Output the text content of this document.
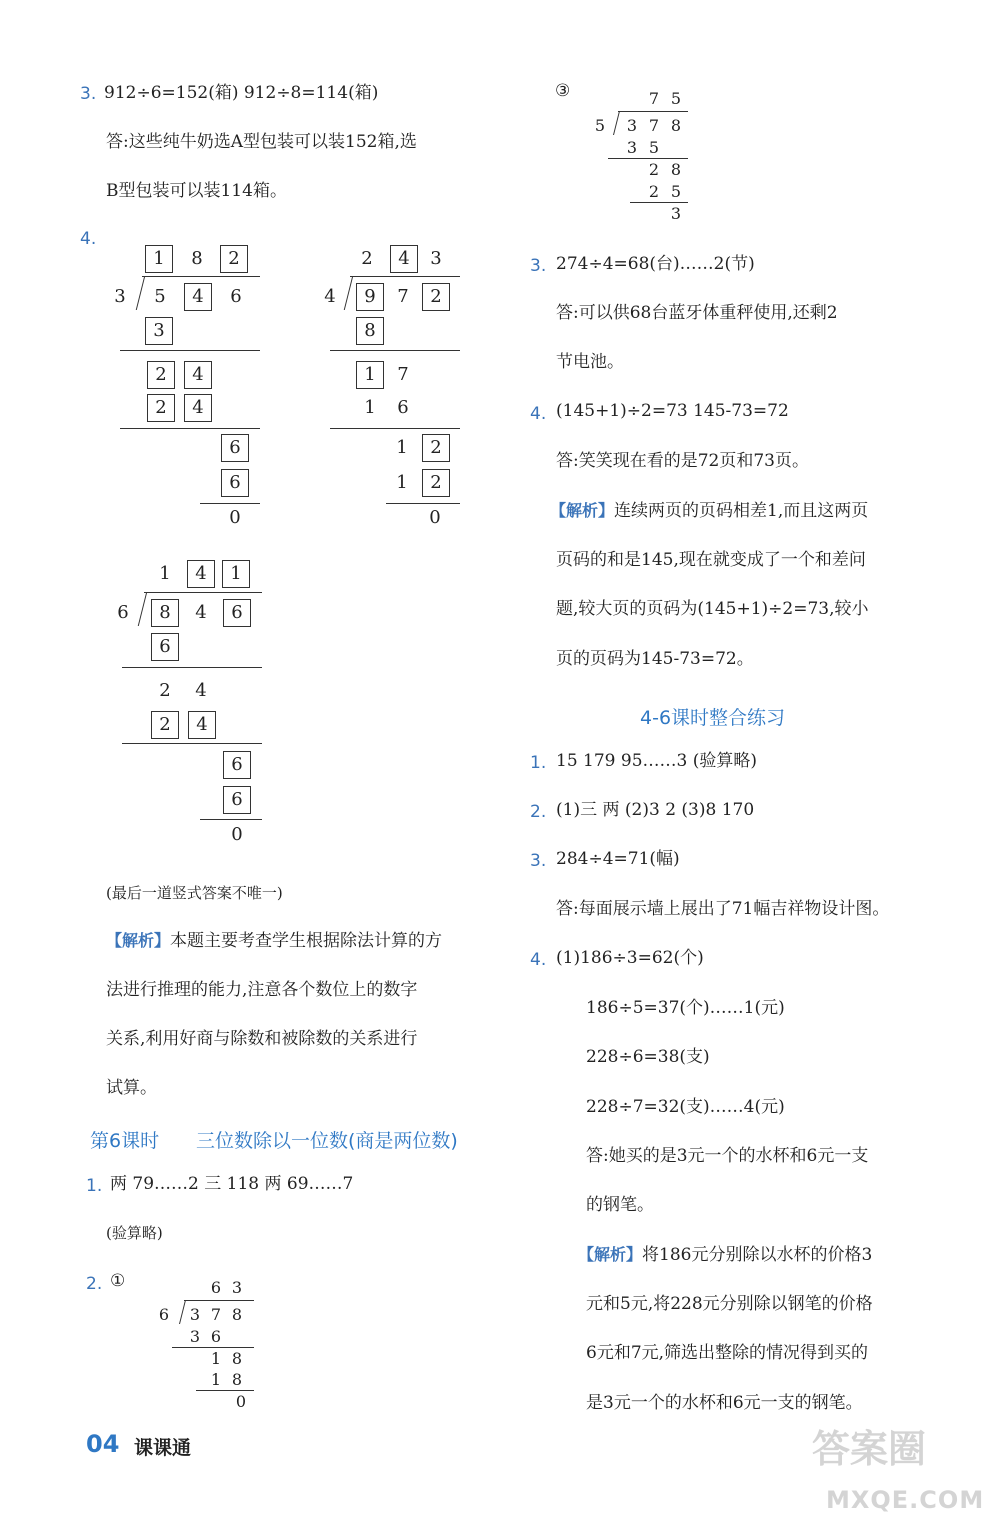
3. 912÷6=152(箱) 912÷8=114(箱)
答:这些纯牛奶选A型包装可以装152箱,选
B型包装可以装114箱。
4.
1	8	2
3	5	4	6
3
2	4
2	4
6
6
0
2	4	3
4	9	7	2
8
1	7
1	6
1	2
1	2
0
1	4	1
6	8	4	6
6
2	4
2	4
6
6
0
(最后一道竖式答案不唯一)
【 解析 】 本题主要考查学生根据除法计算的方
法进行推理的能力,注意各个数位上的数字
关系,利用好商与除数和被除数的关系进行
试算。
第6课时 三位数除以一位数(商是两位数)
1. 两 79……2 三 118 两 69……7
(验算略)
2. ①	6 3
6	3 7 8
3 6
1 8
1 8
0
③	7 5
5	3 7 8
3 5
2 8
2 5
3
3. 274÷4=68(台)……2(节)
答:可以供68台蓝牙体重秤使用,还剩2
节电池。
4. (145+1)÷2=73 145-73=72
答:笑笑现在看的是72页和73页。
【 解析 】 连续两页的页码相差1,而且这两页
页码的和是145,现在就变成了一个和差问
题,较大页的页码为(145+1)÷2=73,较小
页的页码为145-73=72。
4-6课时整合练习
1. 15 179 95……3 (验算略)
2. (1)三 两 (2)3 2 (3)8 170
3. 284÷4=71(幅)
答:每面展示墙上展出了71幅吉祥物设计图。
4. (1)186÷3=62(个)
186÷5=37(个)……1(元)
228÷6=38(支)
228÷7=32(支)……4(元)
答:她买的是3元一个的水杯和6元一支
的钢笔。
【 解析 】 将186元分别除以水杯的价格3
元和5元,将228元分别除以钢笔的价格
6元和7元,筛选出整除的情况得到买的
是3元一个的水杯和6元一支的钢笔。
04 课课通	答案圈
MXQE.COM
